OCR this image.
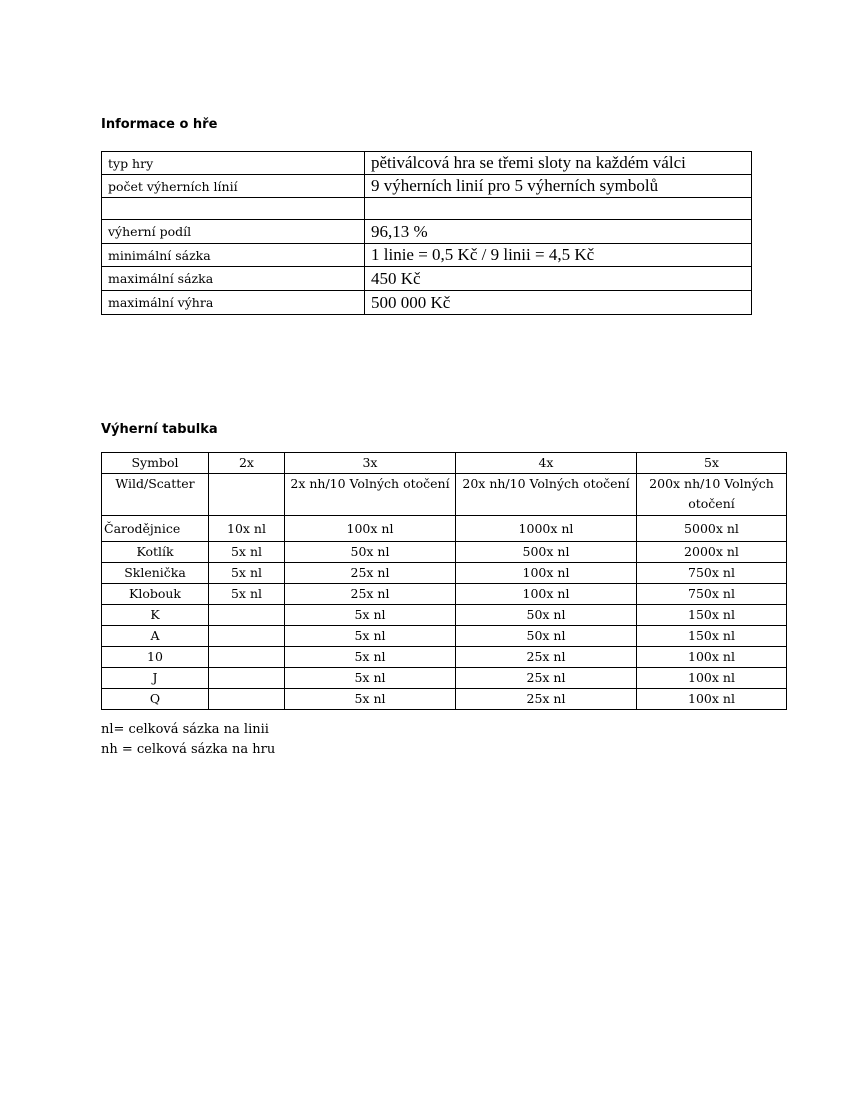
Informace o hře
typ hry	pětiválcová hra se třemi sloty na každém válci
počet výherních línií	9 výherních linií pro 5 výherních symbolů

výherní podíl	96,13 %
minimální sázka	1 linie = 0,5 Kč / 9 linii = 4,5 Kč
maximální sázka	450 Kč
maximální výhra	500 000 Kč
Výherní tabulka
Symbol	2x	3x	4x	5x
Wild/Scatter		2x nh/10 Volných otočení	20x nh/10 Volných otočení	200x nh/10 Volných otočení
Čarodějnice	10x nl	100x nl	1000x nl	5000x nl
Kotlík	5x nl	50x nl	500x nl	2000x nl
Sklenička	5x nl	25x nl	100x nl	750x nl
Klobouk	5x nl	25x nl	100x nl	750x nl
K		5x nl	50x nl	150x nl
A		5x nl	50x nl	150x nl
10		5x nl	25x nl	100x nl
J		5x nl	25x nl	100x nl
Q		5x nl	25x nl	100x nl
nl= celková sázka na linii
nh = celková sázka na hru
